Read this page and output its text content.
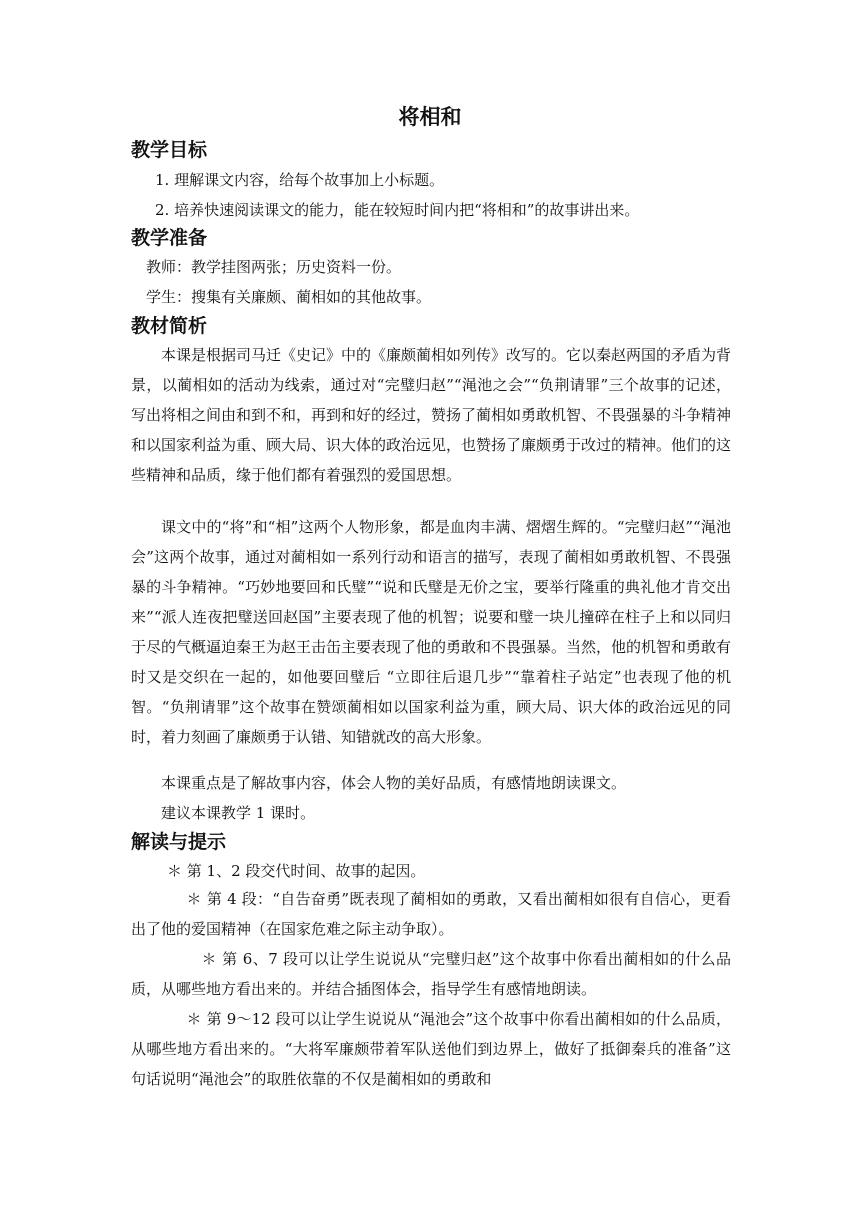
将相和
教学目标
1. 理解课文内容，给每个故事加上小标题。
2. 培养快速阅读课文的能力，能在较短时间内把“将相和”的故事讲出来。
教学准备
教师：教学挂图两张；历史资料一份。
学生：搜集有关廉颇、蔺相如的其他故事。
教材简析
本课是根据司马迁《史记》中的《廉颇蔺相如列传》改写的。它以秦赵两国的矛盾为背景，以蔺相如的活动为线索，通过对“完璧归赵”“渑池之会”“负荆请罪”三个故事的记述，写出将相之间由和到不和，再到和好的经过，赞扬了蔺相如勇敢机智、不畏强暴的斗争精神和以国家利益为重、顾大局、识大体的政治远见，也赞扬了廉颇勇于改过的精神。他们的这些精神和品质，缘于他们都有着强烈的爱国思想。
课文中的“将”和“相”这两个人物形象，都是血肉丰满、熠熠生辉的。“完璧归赵”“渑池会”这两个故事，通过对蔺相如一系列行动和语言的描写，表现了蔺相如勇敢机智、不畏强暴的斗争精神。“巧妙地要回和氏璧”“说和氏璧是无价之宝，要举行隆重的典礼他才肯交出来”“派人连夜把璧送回赵国”主要表现了他的机智；说要和璧一块儿撞碎在柱子上和以同归于尽的气概逼迫秦王为赵王击缶主要表现了他的勇敢和不畏强暴。当然，他的机智和勇敢有时又是交织在一起的，如他要回璧后 “立即往后退几步”“靠着柱子站定”也表现了他的机智。“负荆请罪”这个故事在赞颂蔺相如以国家利益为重，顾大局、识大体的政治远见的同时，着力刻画了廉颇勇于认错、知错就改的高大形象。
本课重点是了解故事内容，体会人物的美好品质，有感情地朗读课文。
建议本课教学 1 课时。
解读与提示
＊ 第 1、2 段交代时间、故事的起因。
＊ 第 4 段：“自告奋勇”既表现了蔺相如的勇敢，又看出蔺相如很有自信心，更看出了他的爱国精神（在国家危难之际主动争取）。
＊ 第 6、7 段可以让学生说说从“完璧归赵”这个故事中你看出蔺相如的什么品质，从哪些地方看出来的。并结合插图体会，指导学生有感情地朗读。
＊ 第 9～12 段可以让学生说说从“渑池会”这个故事中你看出蔺相如的什么品质，从哪些地方看出来的。“大将军廉颇带着军队送他们到边界上，做好了抵御秦兵的准备”这句话说明“渑池会”的取胜依靠的不仅是蔺相如的勇敢和
